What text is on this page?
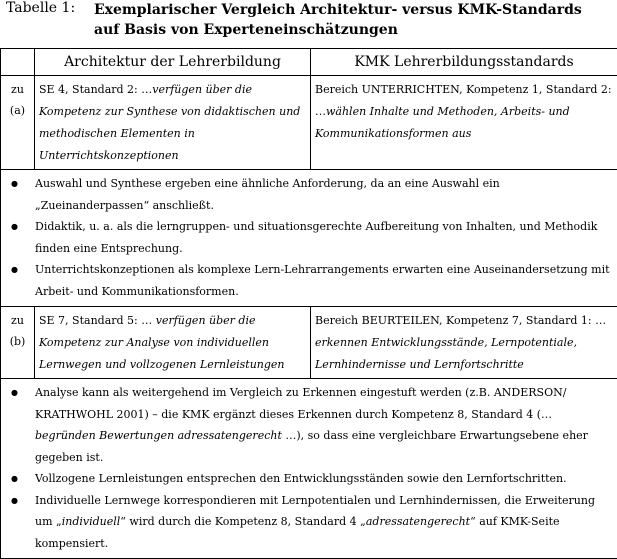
Tabelle 1: Exemplarischer Vergleich Architektur- versus KMK-Standards auf Basis von Experteneinschätzungen
	Architektur der Lehrerbildung	KMK Lehrerbildungsstandards

zu
(a)	SE 4, Standard 2: …verfügen über die Kompetenz zur Synthese von didaktischen und methodischen Elementen in Unterrichtskonzeptionen	Bereich UNTERRICHTEN, Kompetenz 1, Standard 2: …wählen Inhalte und Methoden, Arbeits- und Kommunikationsformen aus

● Auswahl und Synthese ergeben eine ähnliche Anforderung, da an eine Auswahl ein „Zueinanderpassen“ anschließt.
● Didaktik, u. a. als die lerngruppen- und situationsgerechte Aufbereitung von Inhalten, und Methodik finden eine Entsprechung.
● Unterrichtskonzeptionen als komplexe Lern-Lehrarrangements erwarten eine Auseinandersetzung mit Arbeit- und Kommunikationsformen.

zu
(b)	SE 7, Standard 5: … verfügen über die Kompetenz zur Analyse von individuellen Lernwegen und vollzogenen Lernleistungen	Bereich BEURTEILEN, Kompetenz 7, Standard 1: … erkennen Entwicklungsstände, Lernpotentiale, Lernhindernisse und Lernfortschritte

● Analyse kann als weitergehend im Vergleich zu Erkennen eingestuft werden (z.B. ANDERSON/ KRATHWOHL 2001) – die KMK ergänzt dieses Erkennen durch Kompetenz 8, Standard 4 (… begründen Bewertungen adressatengerecht …), so dass eine vergleichbare Erwartungsebene eher gegeben ist.
● Vollzogene Lernleistungen entsprechen den Entwicklungsständen sowie den Lernfortschritten.
● Individuelle Lernwege korrespondieren mit Lernpotentialen und Lernhindernissen, die Erweiterung um „individuell“ wird durch die Kompetenz 8, Standard 4 „adressatengerecht“ auf KMK-Seite kompensiert.
